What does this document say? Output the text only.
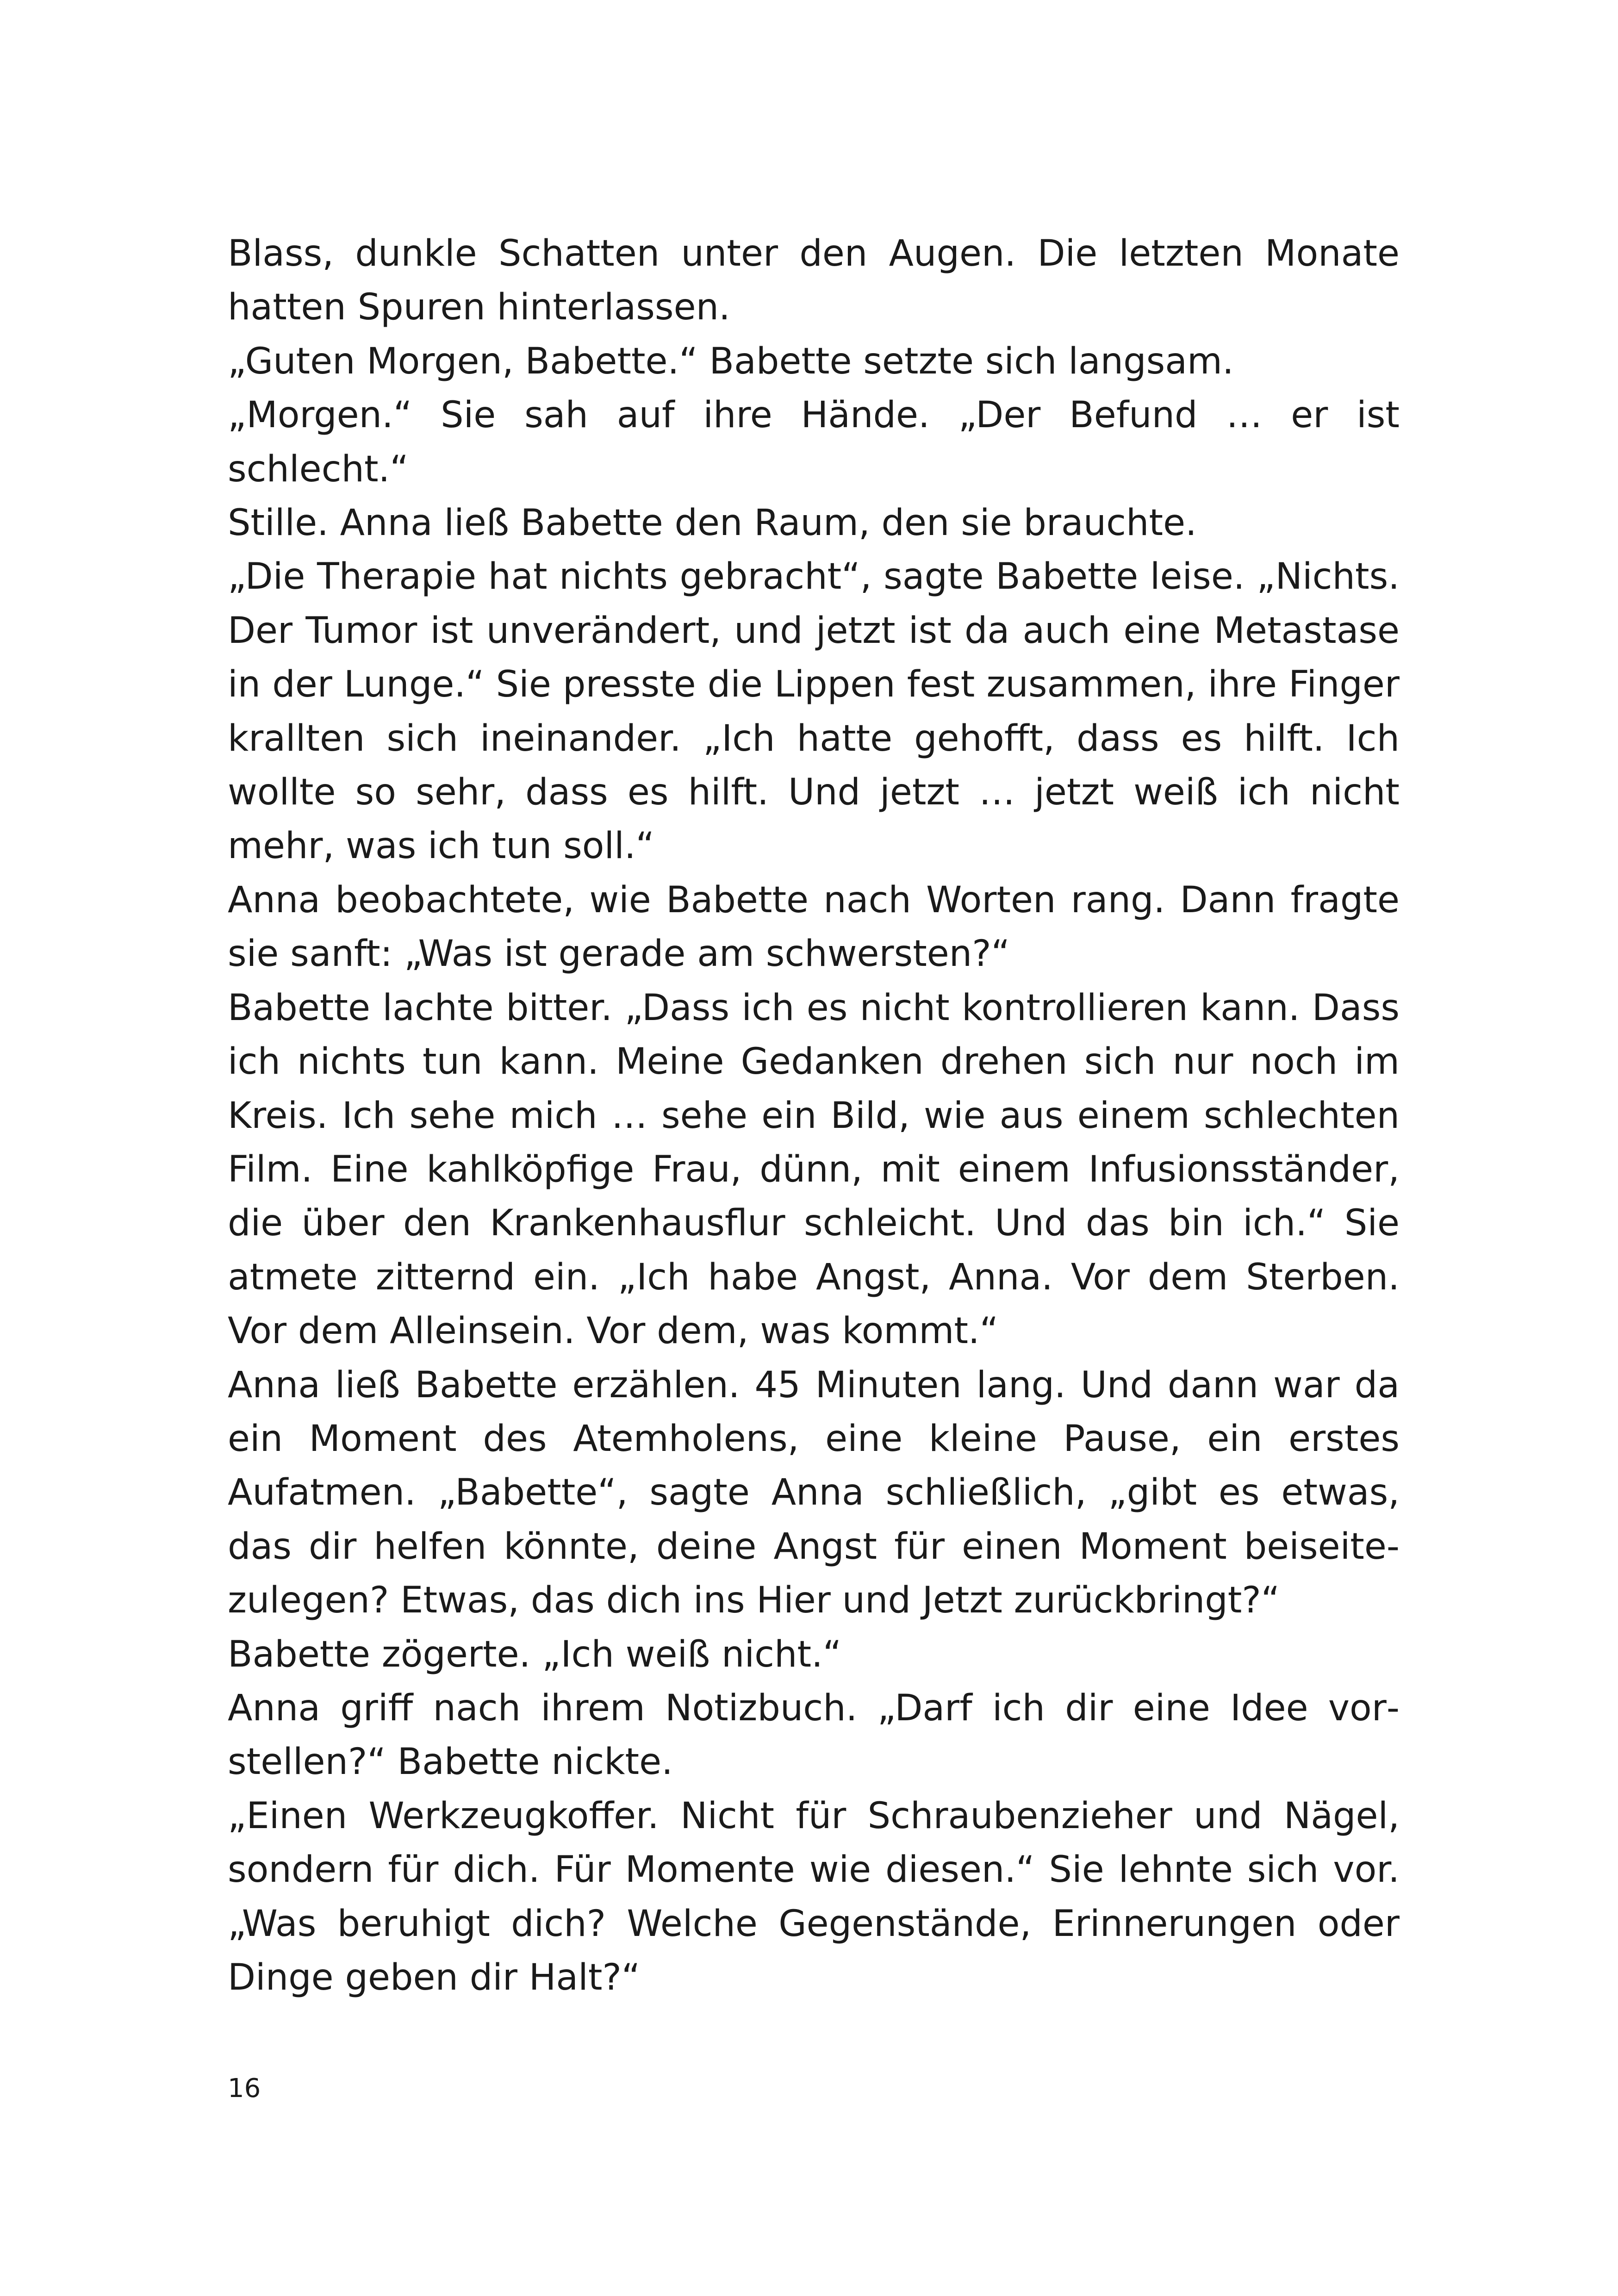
Blass, dunkle Schatten unter den Augen. Die letzten Monate hatten Spuren hinterlassen.

„Guten Morgen, Babette.“ Babette setzte sich langsam.

„Morgen.“ Sie sah auf ihre Hände. „Der Befund … er ist schlecht.“

Stille. Anna ließ Babette den Raum, den sie brauchte.

„Die Therapie hat nichts gebracht“, sagte Babette leise. „Nichts. Der Tumor ist unverändert, und jetzt ist da auch eine Metastase in der Lunge.“ Sie presste die Lippen fest zusammen, ihre Finger krallten sich ineinander. „Ich hatte gehofft, dass es hilft. Ich wollte so sehr, dass es hilft. Und jetzt … jetzt weiß ich nicht mehr, was ich tun soll.“

Anna beobachtete, wie Babette nach Worten rang. Dann fragte sie sanft: „Was ist gerade am schwersten?“

Babette lachte bitter. „Dass ich es nicht kontrollieren kann. Dass ich nichts tun kann. Meine Gedanken drehen sich nur noch im Kreis. Ich sehe mich … sehe ein Bild, wie aus einem schlechten Film. Eine kahlköpfige Frau, dünn, mit einem Infusionsständer, die über den Krankenhausflur schleicht. Und das bin ich.“ Sie atmete zitternd ein. „Ich habe Angst, Anna. Vor dem Sterben. Vor dem Alleinsein. Vor dem, was kommt.“

Anna ließ Babette erzählen. 45 Minuten lang. Und dann war da ein Moment des Atemholens, eine kleine Pause, ein erstes Aufatmen. „Babette“, sagte Anna schließlich, „gibt es etwas, das dir helfen könnte, deine Angst für einen Moment beiseitezulegen? Etwas, das dich ins Hier und Jetzt zurückbringt?“

Babette zögerte. „Ich weiß nicht.“

Anna griff nach ihrem Notizbuch. „Darf ich dir eine Idee vorstellen?“ Babette nickte.

„Einen Werkzeugkoffer. Nicht für Schraubenzieher und Nägel, sondern für dich. Für Momente wie diesen.“ Sie lehnte sich vor. „Was beruhigt dich? Welche Gegenstände, Erinnerungen oder Dinge geben dir Halt?“

16
